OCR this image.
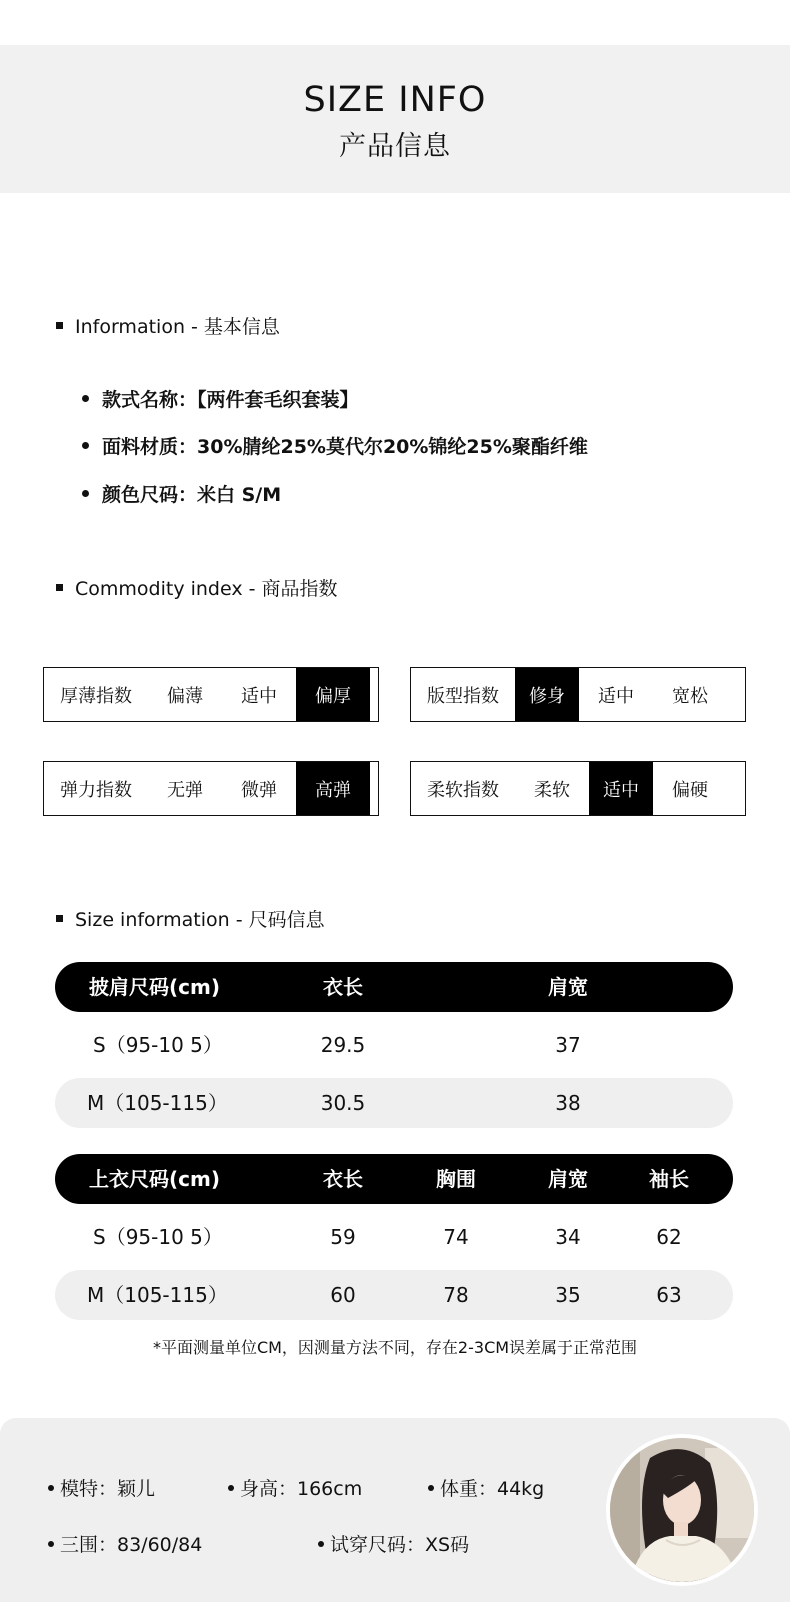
SIZE INFO
产品信息
Information - 基本信息
款式名称：【两件套毛织套装】
面料材质：30%腈纶25%莫代尔20%锦纶25%聚酯纤维
颜色尺码：米白 S/M
Commodity index - 商品指数
厚薄指数	偏薄	适中	偏厚	版型指数	修身	适中	宽松
弹力指数	无弹	微弹	高弹	柔软指数	柔软	适中	偏硬
Size information - 尺码信息
披肩尺码(cm)	衣长	肩宽
S（95-10 5）	29.5	37
M（105-115）	30.5	38
上衣尺码(cm)	衣长	胸围	肩宽	袖长
S（95-10 5）	59	74	34	62
M（105-115）	60	78	35	63
*平面测量单位CM，因测量方法不同，存在2-3CM误差属于正常范围
模特：颖儿	身高：166cm	体重：44kg
三围：83/60/84	试穿尺码：XS码
